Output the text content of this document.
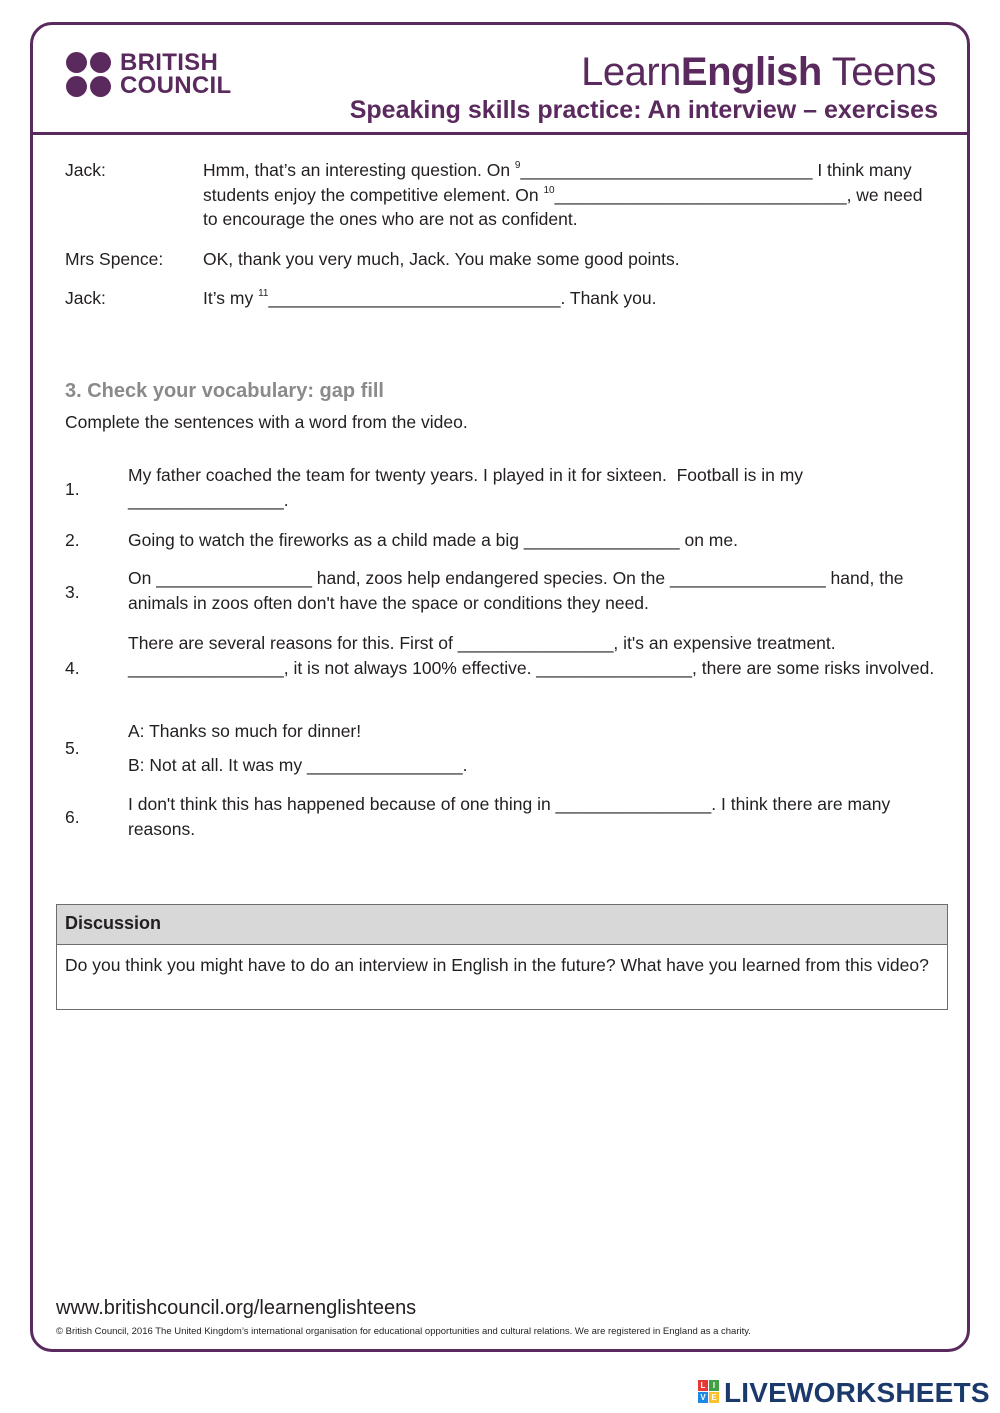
BRITISH
COUNCIL	LearnEnglish Teens
Speaking skills practice: An interview – exercises
Jack:	Hmm, that’s an interesting question. On $^9$______________________________ I think many students enjoy the competitive element. On $^{10}$______________________________, we need to encourage the ones who are not as confident.
Mrs Spence: OK, thank you very much, Jack. You make some good points.
Jack:	It’s my $^{11}$______________________________. Thank you.
3. Check your vocabulary: gap fill
Complete the sentences with a word from the video.
1.
My father coached the team for twenty years. I played in it for sixteen.  Football is in my ________________.
2.	Going to watch the fireworks as a child made a big ________________ on me.
3.
On ________________ hand, zoos help endangered species. On the ________________ hand, the animals in zoos often don't have the space or conditions they need.
4.
There are several reasons for this. First of ________________, it's an expensive treatment. ________________, it is not always 100% effective. ________________, there are some risks involved.
5.
A: Thanks so much for dinner!
B: Not at all. It was my ________________.
6.
I don't think this has happened because of one thing in ________________. I think there are many reasons.
Discussion
Do you think you might have to do an interview in English in the future? What have you learned from this video?
www.britishcouncil.org/learnenglishteens
© British Council, 2016 The United Kingdom’s international organisation for educational opportunities and cultural relations. We are registered in England as a charity.
L I
V E LIVEWORKSHEETS
